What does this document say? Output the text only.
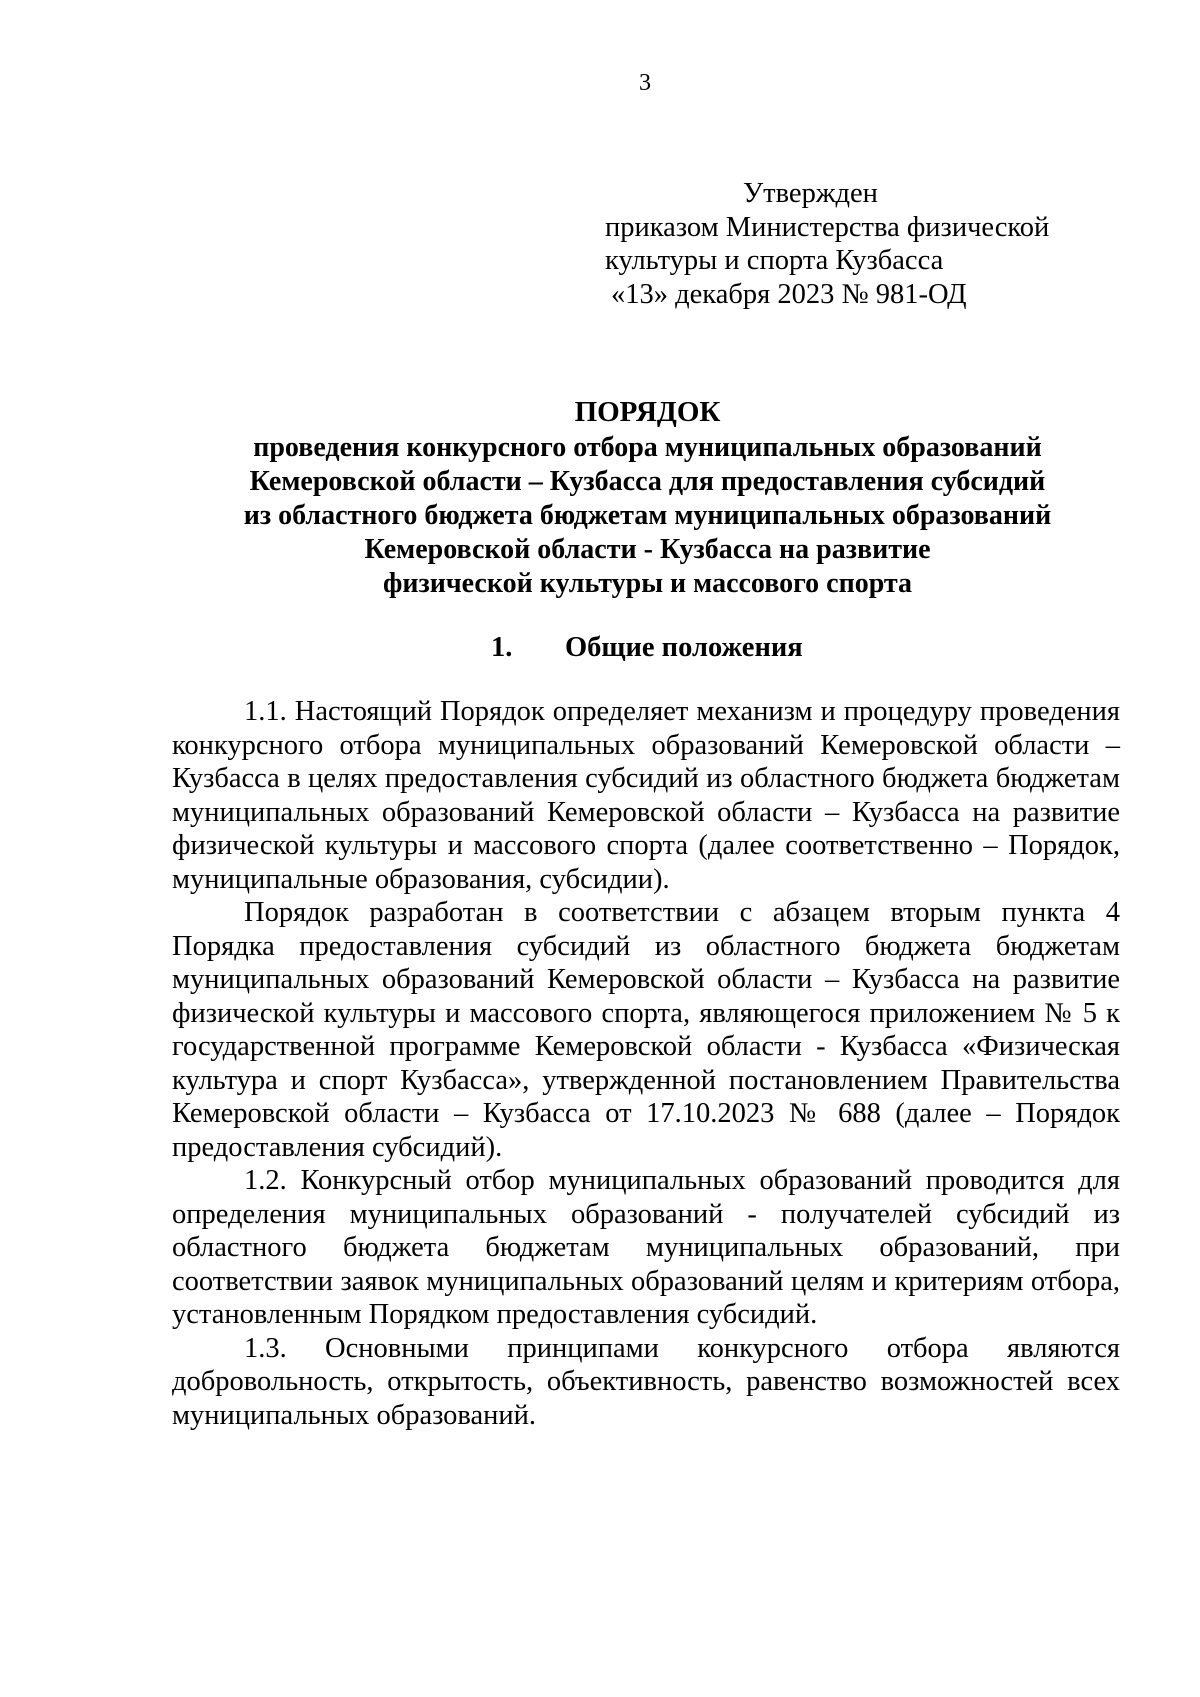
3
Утвержден
приказом Министерства физической
культуры и спорта Кузбасса
«13» декабря 2023 № 981-ОД
ПОРЯДОК
проведения конкурсного отбора муниципальных образований
Кемеровской области – Кузбасса для предоставления субсидий
из областного бюджета бюджетам муниципальных образований
Кемеровской области - Кузбасса на развитие
физической культуры и массового спорта
1. Общие положения

1.1. Настоящий Порядок определяет механизм и процедуру проведения конкурсного отбора муниципальных образований Кемеровской области – Кузбасса в целях предоставления субсидий из областного бюджета бюджетам муниципальных образований Кемеровской области – Кузбасса на развитие физической культуры и массового спорта (далее соответственно – Порядок, муниципальные образования, субсидии).

Порядок разработан в соответствии с абзацем вторым пункта 4 Порядка предоставления субсидий из областного бюджета бюджетам муниципальных образований Кемеровской области – Кузбасса на развитие физической культуры и массового спорта, являющегося приложением № 5 к государственной программе Кемеровской области - Кузбасса «Физическая культура и спорт Кузбасса», утвержденной постановлением Правительства Кемеровской области – Кузбасса от 17.10.2023 № 688 (далее – Порядок предоставления субсидий).

1.2. Конкурсный отбор муниципальных образований проводится для определения муниципальных образований - получателей субсидий из областного бюджета бюджетам муниципальных образований, при соответствии заявок муниципальных образований целям и критериям отбора, установленным Порядком предоставления субсидий.

1.3. Основными принципами конкурсного отбора являются добровольность, открытость, объективность, равенство возможностей всех муниципальных образований.
